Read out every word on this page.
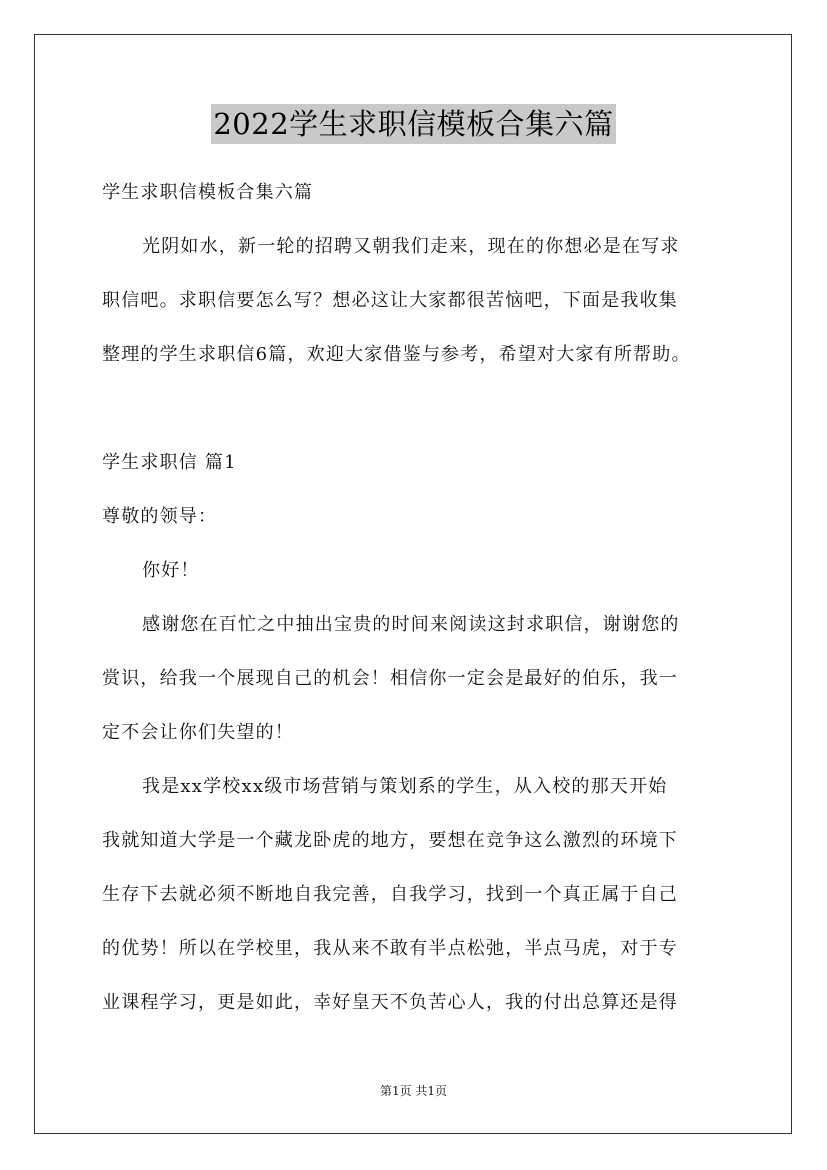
2022学生求职信模板合集六篇
学生求职信模板合集六篇
光阴如水，新一轮的招聘又朝我们走来，现在的你想必是在写求
职信吧。求职信要怎么写？想必这让大家都很苦恼吧，下面是我收集
整理的学生求职信6篇，欢迎大家借鉴与参考，希望对大家有所帮助。
学生求职信 篇1
尊敬的领导：
你好！
感谢您在百忙之中抽出宝贵的时间来阅读这封求职信，谢谢您的
赏识，给我一个展现自己的机会！相信你一定会是最好的伯乐，我一
定不会让你们失望的！
我是xx学校xx级市场营销与策划系的学生，从入校的那天开始
我就知道大学是一个藏龙卧虎的地方，要想在竞争这么激烈的环境下
生存下去就必须不断地自我完善，自我学习，找到一个真正属于自己
的优势！所以在学校里，我从来不敢有半点松弛，半点马虎，对于专
业课程学习，更是如此，幸好皇天不负苦心人，我的付出总算还是得
第1页 共1页
